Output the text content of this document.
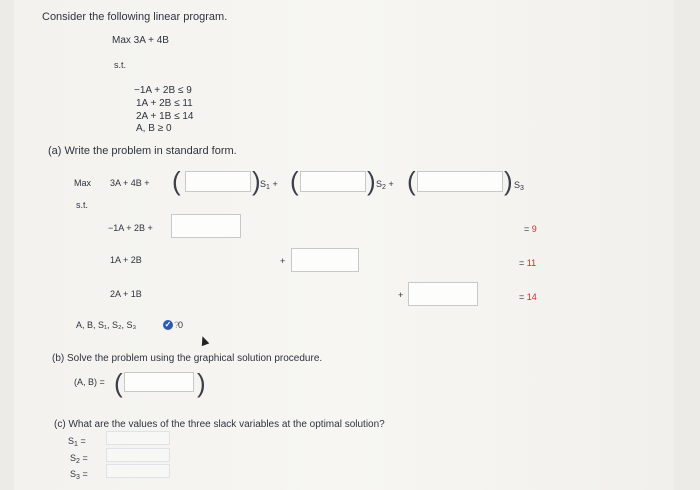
Consider the following linear program.
Max 3A + 4B
s.t.
−1A + 2B ≤ 9
1A + 2B ≤ 11
2A + 1B ≤ 14
A, B ≥ 0
(a) Write the problem in standard form.
Max 3A + 4B + (	) $S_1$ + (	) $S_2$ + (	) $S_3$
s.t.
−1A + 2B +	= 9
1A + 2B	+	= 11
2A + 1B	+	= 14
A, B, S₁, S₂, S₃	?
✓ 0
(b) Solve the problem using the graphical solution procedure.
(A, B) = (	)
(c) What are the values of the three slack variables at the optimal solution?
$S_1$ =
$S_2$ =
$S_3$ =
